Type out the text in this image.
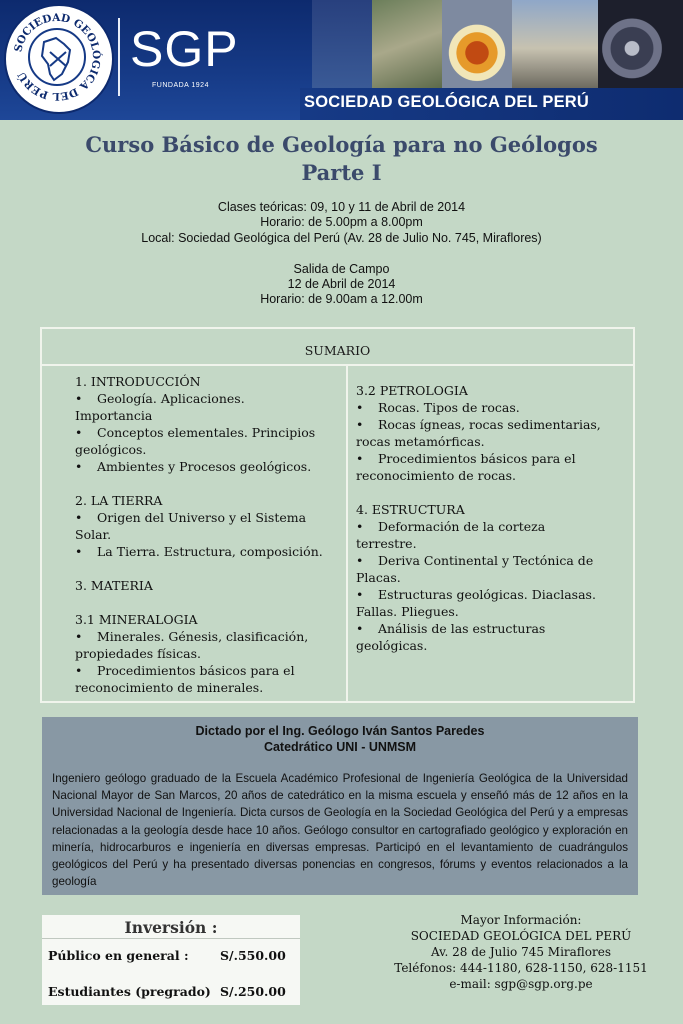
SOCIEDAD GEOLÓGICA DEL PERÚ	SGP
FUNDADA 1924
SOCIEDAD GEOLÓGICA DEL PERÚ
Curso Básico de Geología para no Geólogos
Parte I
Clases teóricas: 09, 10 y 11 de Abril de 2014
Horario: de 5.00pm a 8.00pm
Local: Sociedad Geológica del Perú (Av. 28 de Julio No. 745, Miraflores)
Salida de Campo
12 de Abril de 2014
Horario: de 9.00am a 12.00m
SUMARIO

1. INTRODUCCIÓN

• Geología. Aplicaciones.

Importancia

• Conceptos elementales. Principios

geológicos.

• Ambientes y Procesos geológicos.

2. LA TIERRA

• Origen del Universo y el Sistema

Solar.

• La Tierra. Estructura, composición.

3. MATERIA

3.1 MINERALOGIA

• Minerales. Génesis, clasificación,

propiedades físicas.

• Procedimientos básicos para el

reconocimiento de minerales.

3.2 PETROLOGIA

• Rocas. Tipos de rocas.

• Rocas ígneas, rocas sedimentarias,

rocas metamórficas.

• Procedimientos básicos para el

reconocimiento de rocas.

4. ESTRUCTURA

• Deformación de la corteza

terrestre.

• Deriva Continental y Tectónica de

Placas.

• Estructuras geológicas. Diaclasas.

Fallas. Pliegues.

• Análisis de las estructuras

geológicas.

Dictado por el Ing. Geólogo Iván Santos Paredes
Catedrático UNI - UNMSM
Ingeniero geólogo graduado de la Escuela Académico Profesional de Ingeniería Geológica de la Universidad Nacional Mayor de San Marcos, 20 años de catedrático en la misma escuela y enseñó más de 12 años en la Universidad Nacional de Ingeniería. Dicta cursos de Geología en la Sociedad Geológica del Perú y a empresas relacionadas a la geología desde hace 10 años. Geólogo consultor en cartografiado geológico y exploración en minería, hidrocarburos e ingeniería en diversas empresas. Participó en el levantamiento de cuadrángulos geológicos del Perú y ha presentado diversas ponencias en congresos, fórums y eventos relacionados a la geología
Inversión :
Público en general :	S/.550.00
Estudiantes (pregrado) S/.250.00
Mayor Información:
SOCIEDAD GEOLÓGICA DEL PERÚ
Av. 28 de Julio 745 Miraflores
Teléfonos: 444-1180, 628-1150, 628-1151
e-mail: sgp@sgp.org.pe
